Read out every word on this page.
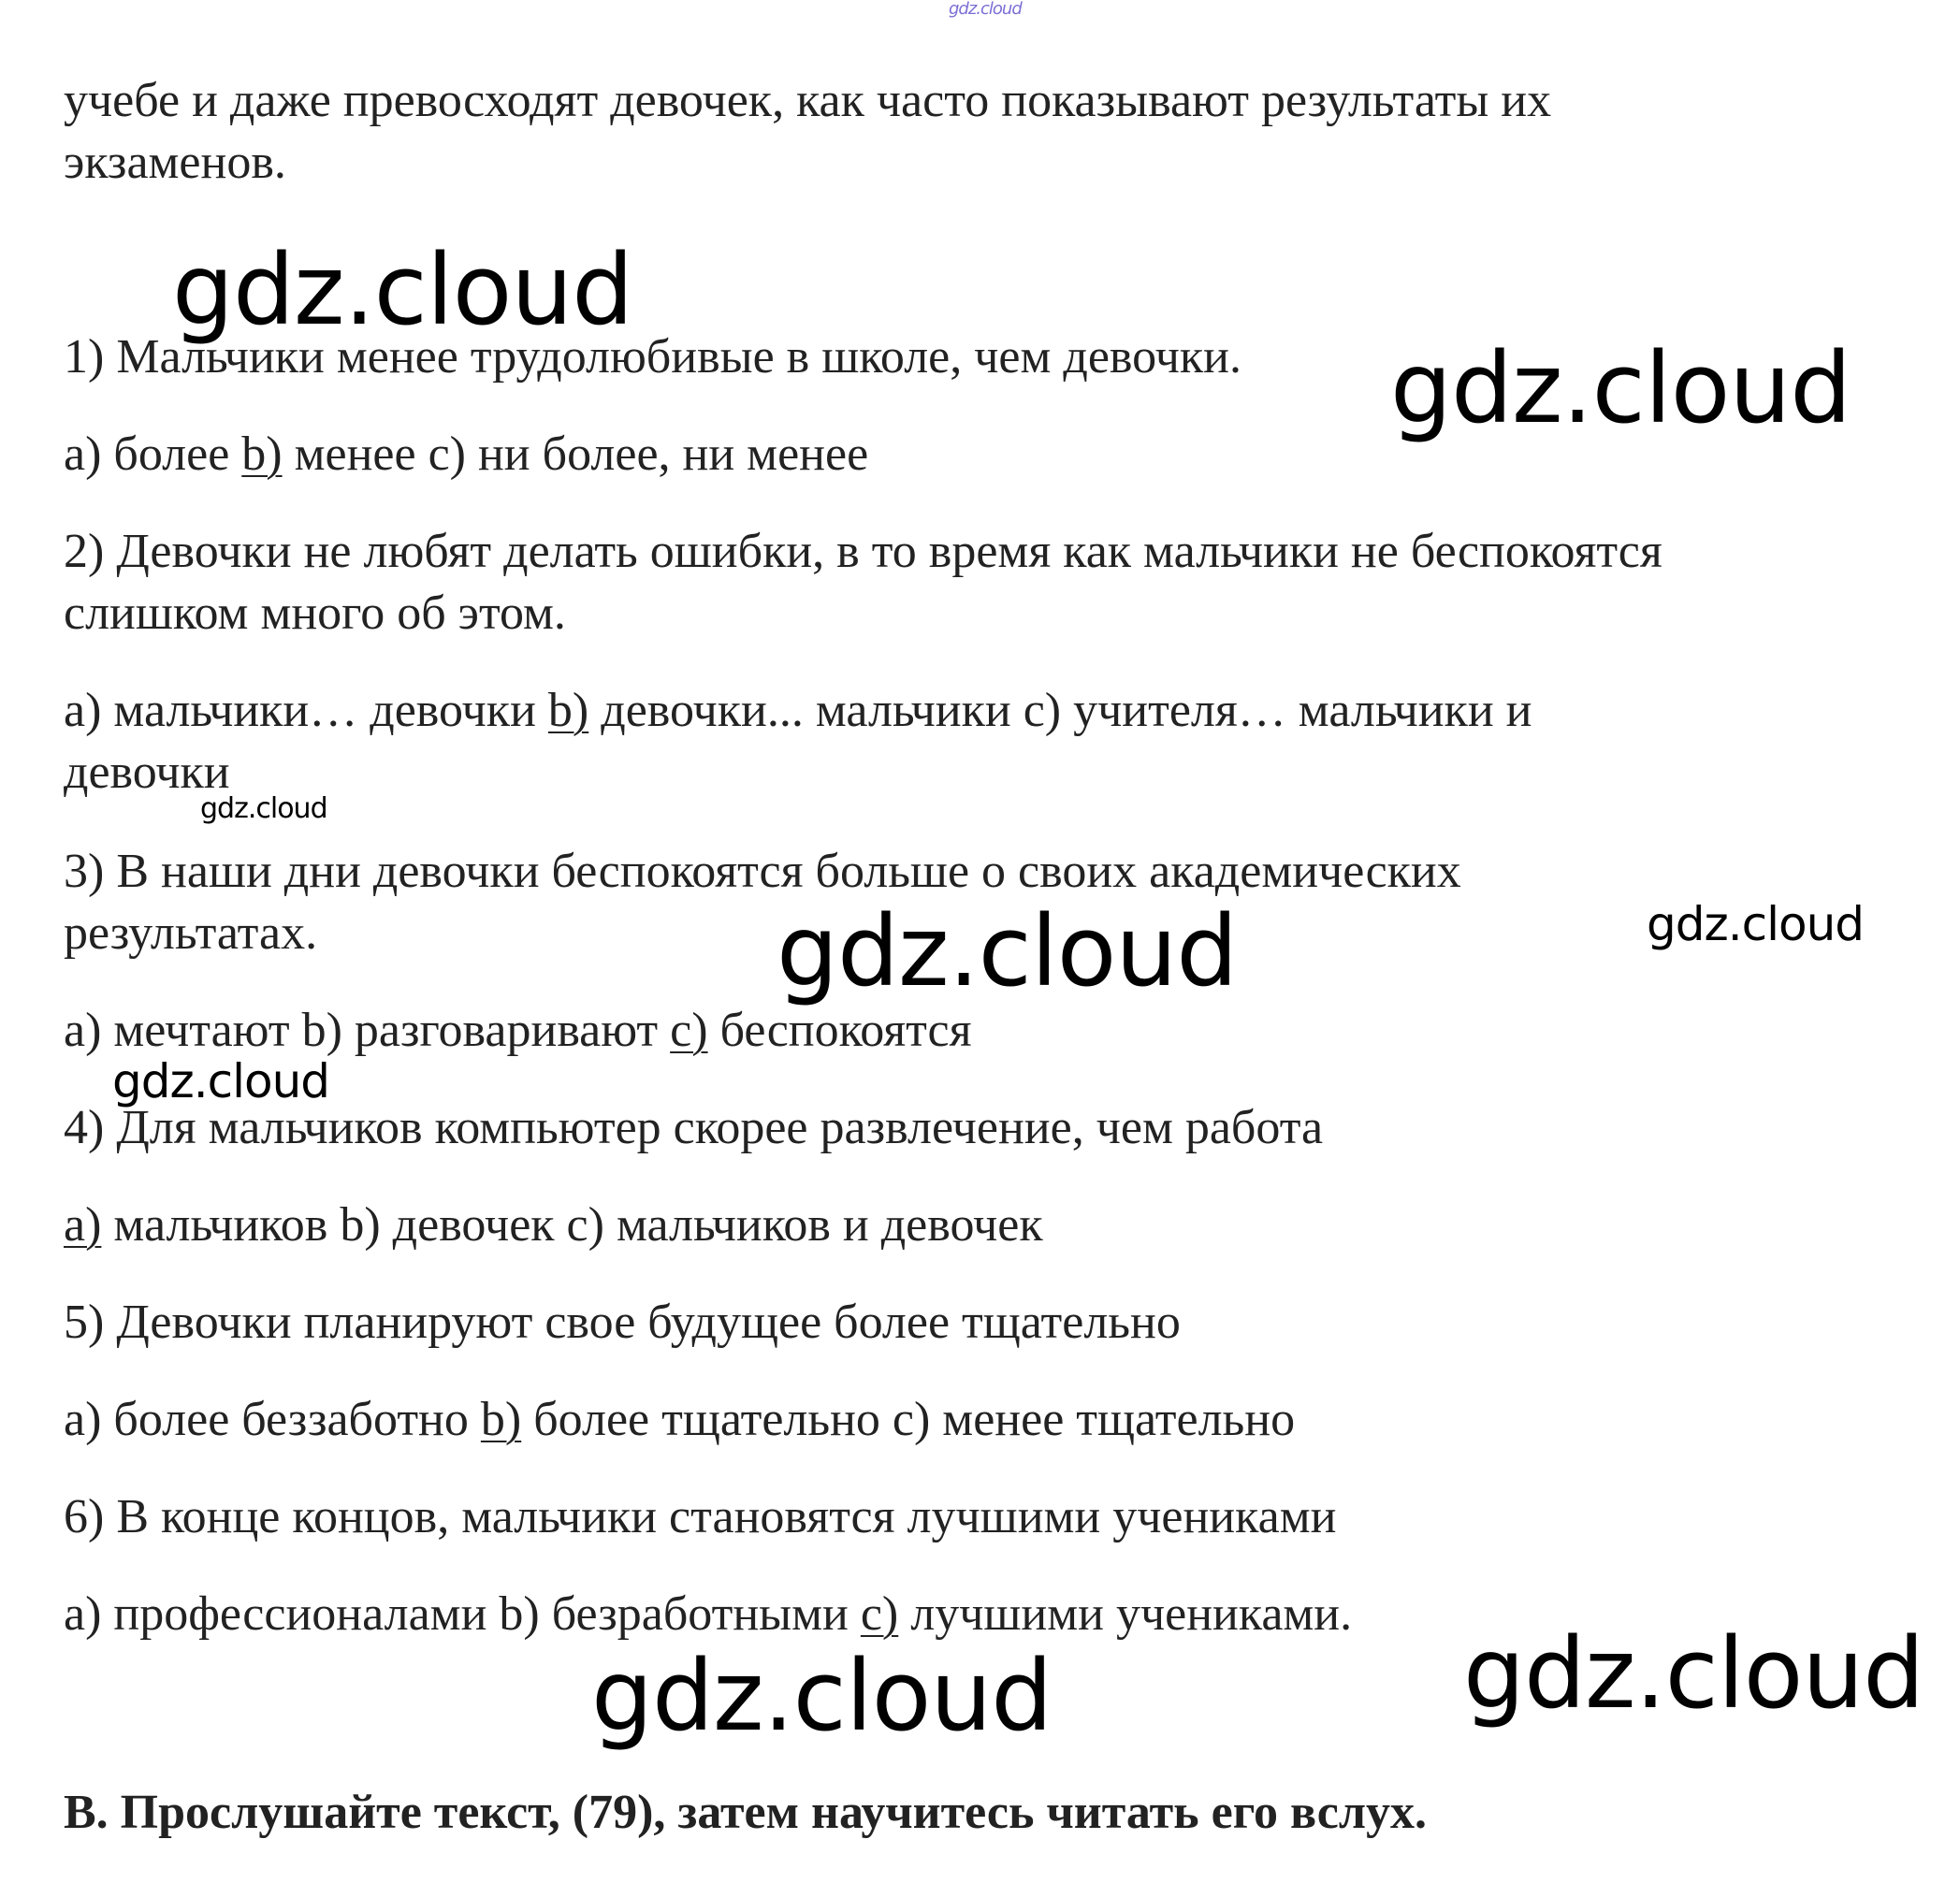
gdz.cloud
учебе и даже превосходят девочек, как часто показывают результаты их
экзаменов.
1) Мальчики менее трудолюбивые в школе, чем девочки.
a) более b) менее с) ни более, ни менее
2) Девочки не любят делать ошибки, в то время как мальчики не беспокоятся
слишком много об этом.
a) мальчики… девочки b) девочки... мальчики с) учителя… мальчики и
девочки
3) В наши дни девочки беспокоятся больше о своих академических
результатах.
a) мечтают b) разговаривают c) беспокоятся
4) Для мальчиков компьютер скорее развлечение, чем работа
a) мальчиков b) девочек с) мальчиков и девочек
5) Девочки планируют свое будущее более тщательно
a) более беззаботно b) более тщательно с) менее тщательно
6) В конце концов, мальчики становятся лучшими учениками
a) профессионалами b) безработными c) лучшими учениками.
B. Прослушайте текст, (79), затем научитесь читать его вслух.
gdz.cloud
gdz.cloud
gdz.cloud
gdz.cloud	gdz.cloud
gdz.cloud
gdz.cloud	gdz.cloud
